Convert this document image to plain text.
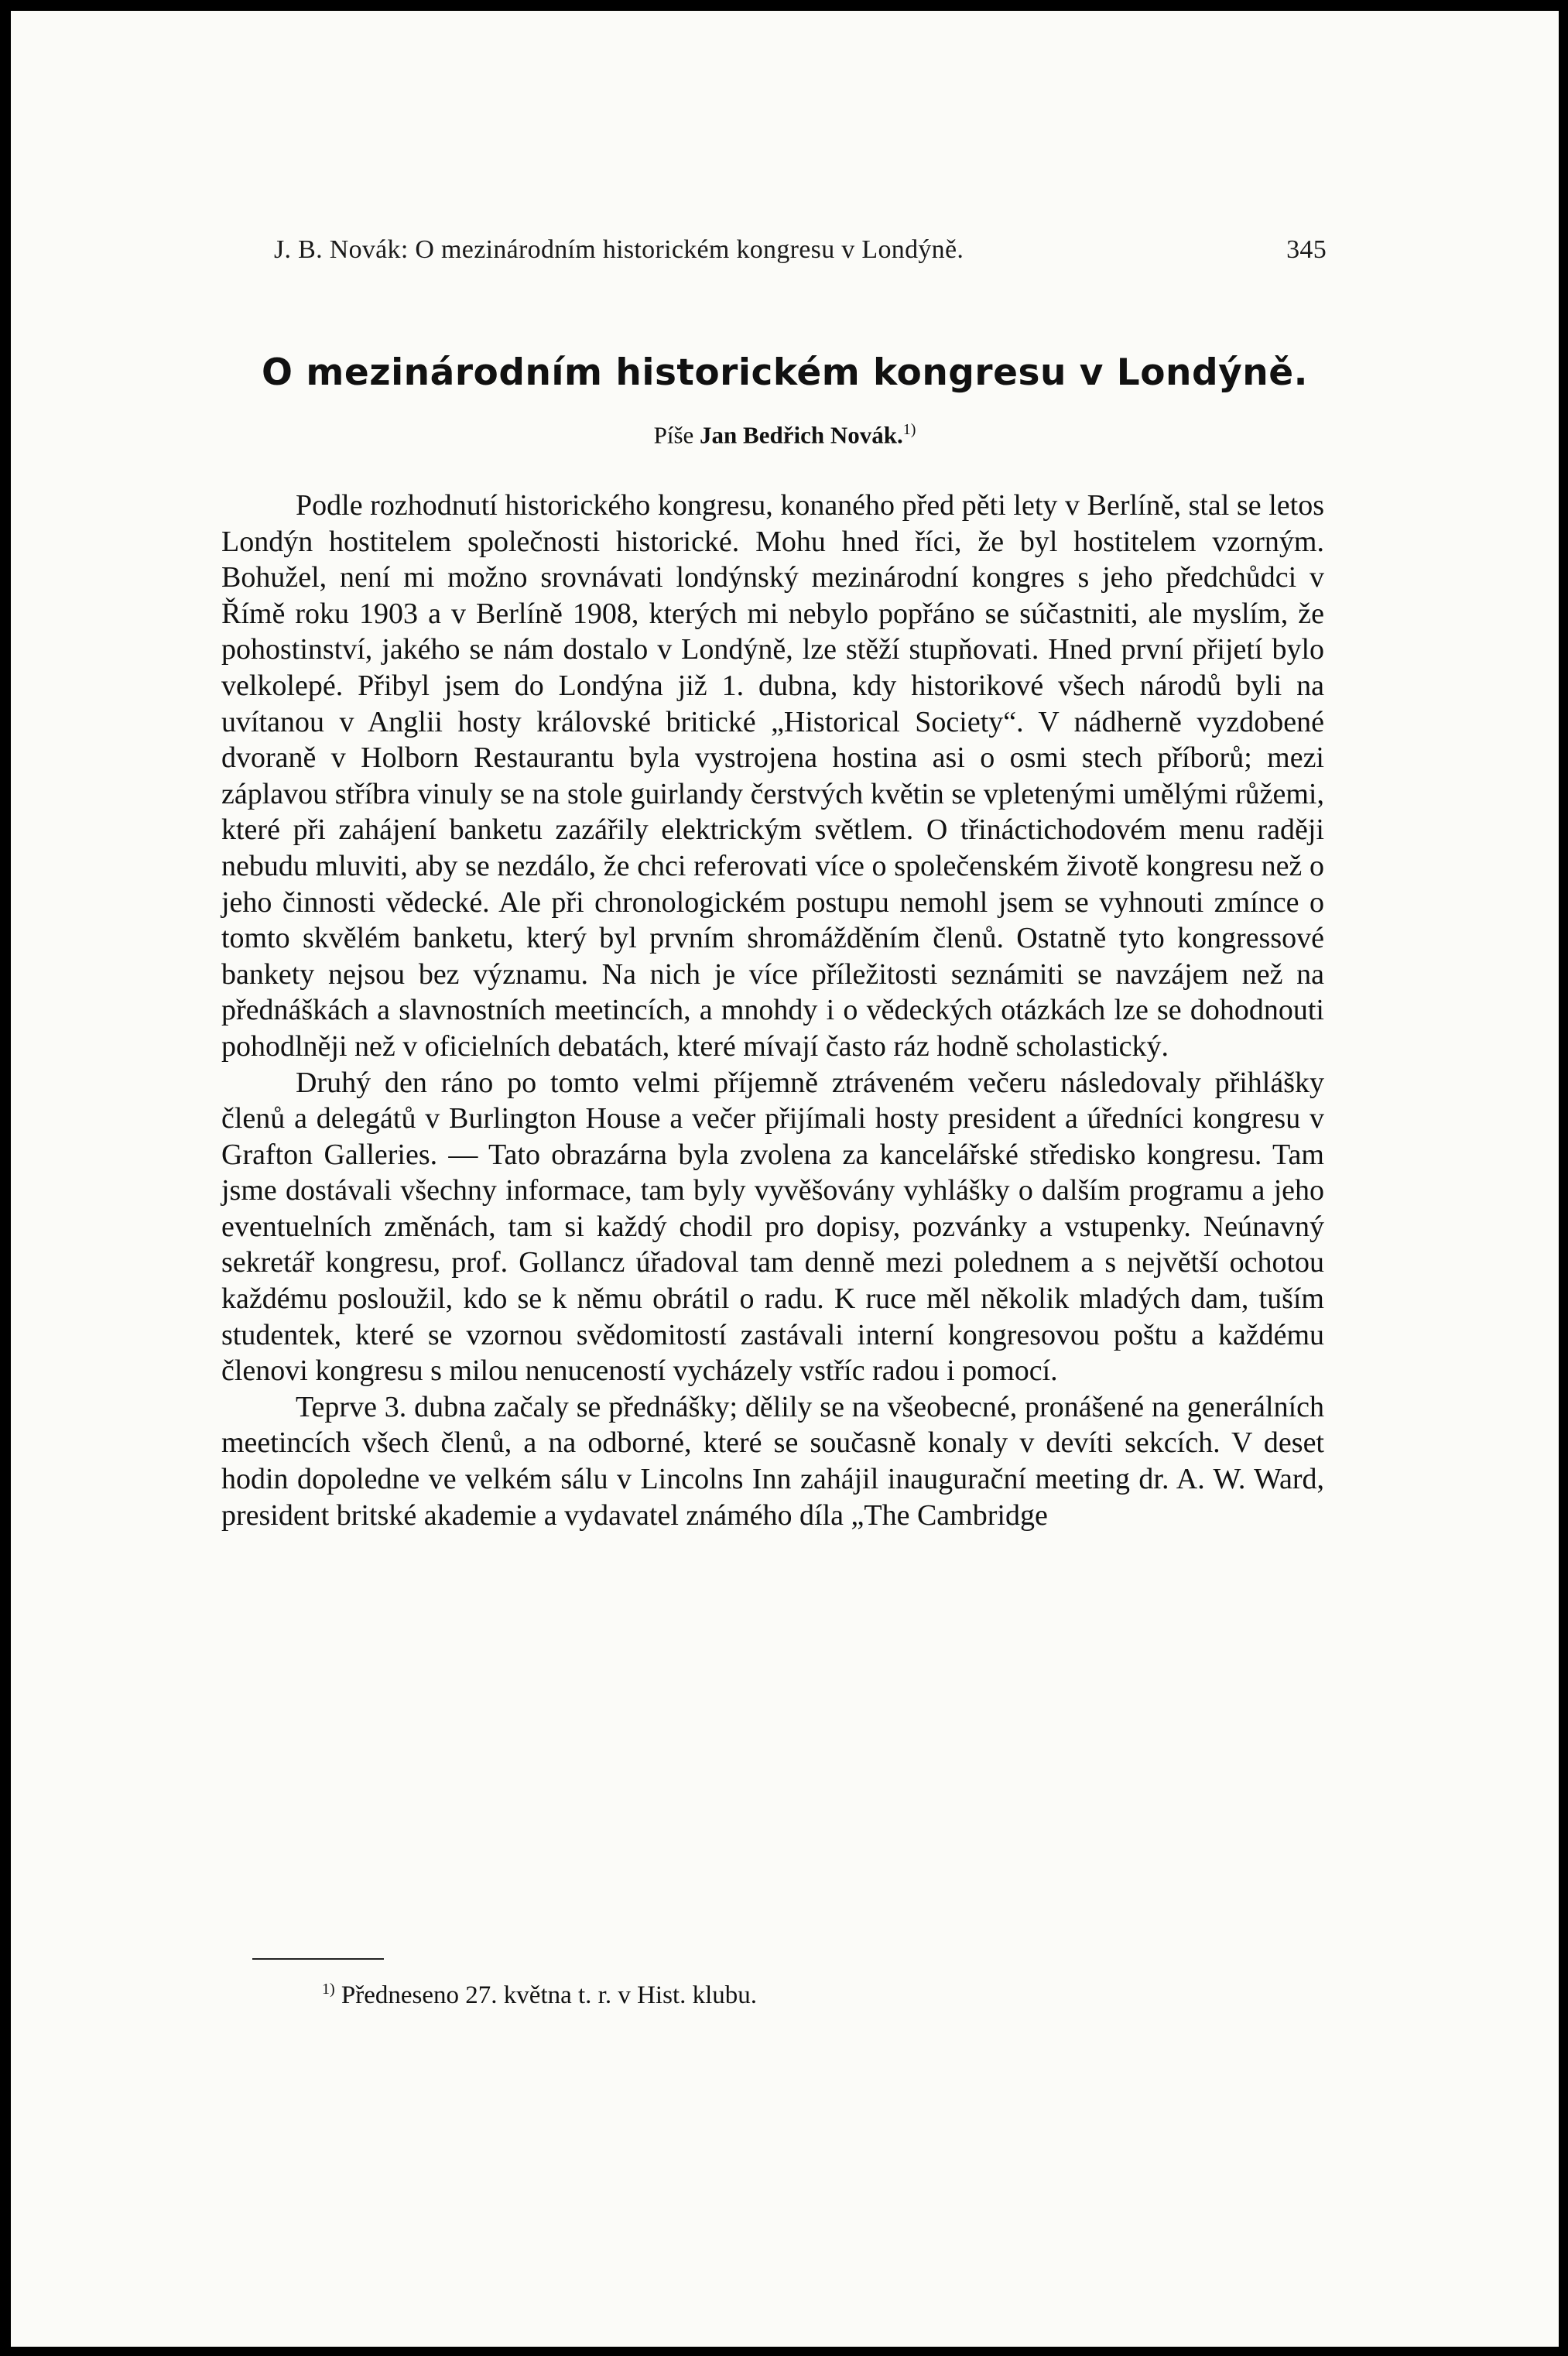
J. B. Novák: O mezinárodním historickém kongresu v Londýně.	345
O mezinárodním historickém kongresu v Londýně.
Píše Jan Bedřich Novák.$^{1)}$

Podle rozhodnutí historického kongresu, konaného před pěti lety v Berlíně, stal se letos Londýn hostitelem společnosti historické. Mohu hned říci, že byl hostitelem vzorným. Bohužel, není mi možno srovnávati londýnský mezinárodní kongres s jeho předchůdci v Římě roku 1903 a v Berlíně 1908, kterých mi nebylo popřáno se súčastniti, ale myslím, že pohostinství, jakého se nám dostalo v Londýně, lze stěží stupňovati. Hned první přijetí bylo velkolepé. Přibyl jsem do Londýna již 1. dubna, kdy historikové všech národů byli na uvítanou v Anglii hosty královské britické „Historical Society“. V nádherně vyzdobené dvoraně v Holborn Restaurantu byla vystrojena hostina asi o osmi stech příborů; mezi záplavou stříbra vinuly se na stole guirlandy čerstvých květin se vpletenými umělými růžemi, které při zahájení banketu zazářily elektrickým světlem. O třináctichodovém menu raději nebudu mluviti, aby se nezdálo, že chci referovati více o společenském životě kongresu než o jeho činnosti vědecké. Ale při chronologickém postupu nemohl jsem se vyhnouti zmínce o tomto skvělém banketu, který byl prvním shromážděním členů. Ostatně tyto kongressové bankety nejsou bez významu. Na nich je více příležitosti seznámiti se navzájem než na přednáškách a slavnostních meetincích, a mnohdy i o vědeckých otázkách lze se dohodnouti pohodlněji než v oficielních debatách, které mívají často ráz hodně scholastický.

Druhý den ráno po tomto velmi příjemně ztráveném večeru následovaly přihlášky členů a delegátů v Burlington House a večer přijímali hosty president a úředníci kongresu v Grafton Galleries. — Tato obrazárna byla zvolena za kancelářské středisko kongresu. Tam jsme dostávali všechny informace, tam byly vyvěšovány vyhlášky o dalším programu a jeho eventuelních změnách, tam si každý chodil pro dopisy, pozvánky a vstupenky. Neúnavný sekretář kongresu, prof. Gollancz úřadoval tam denně mezi polednem a s největší ochotou každému posloužil, kdo se k němu obrátil o radu. K ruce měl několik mladých dam, tuším studentek, které se vzornou svědomitostí zastávali interní kongresovou poštu a každému členovi kongresu s milou nenuceností vycházely vstříc radou i pomocí.

Teprve 3. dubna začaly se přednášky; dělily se na všeobecné, pronášené na generálních meetincích všech členů, a na odborné, které se současně konaly v devíti sekcích. V deset hodin dopoledne ve velkém sálu v Lincolns Inn zahájil inaugurační meeting dr. A. W. Ward, president britské akademie a vydavatel známého díla „The Cambridge

$^{1)}$ Předneseno 27. května t. r. v Hist. klubu.
